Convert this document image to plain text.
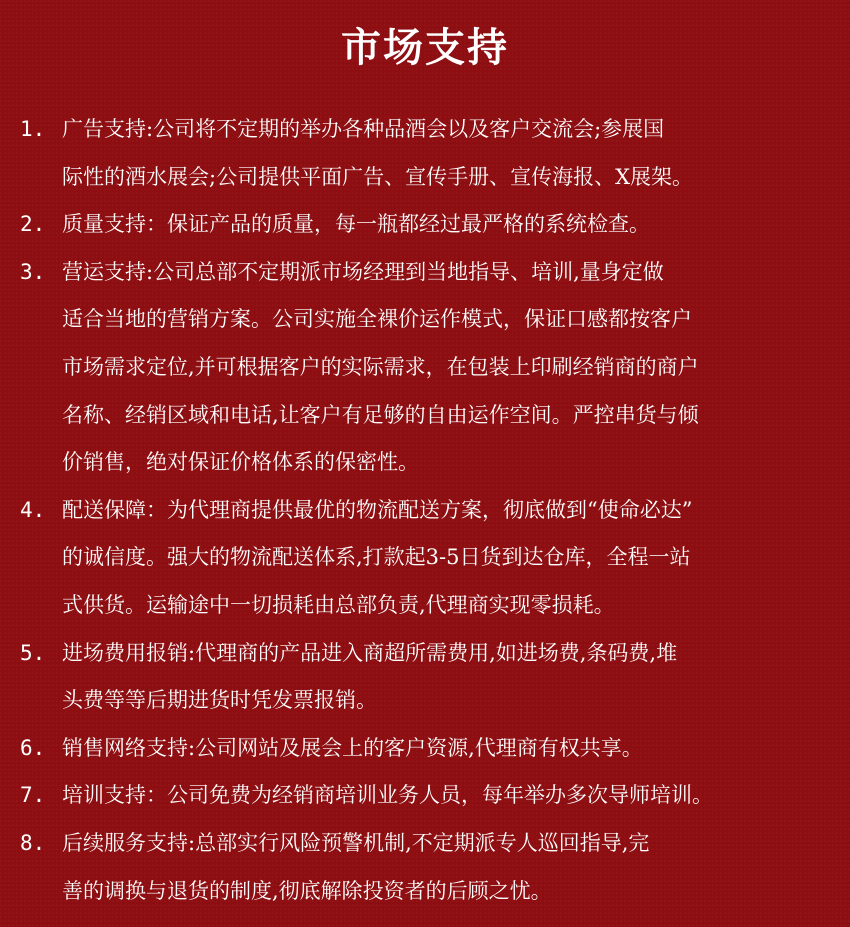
市场支持
1. 广告支持:公司将不定期的举办各种品酒会以及客户交流会;参展国
际性的酒水展会;公司提供平面广告、宣传手册、宣传海报、X展架。
2. 质量支持：保证产品的质量，每一瓶都经过最严格的系统检查。
3. 营运支持:公司总部不定期派市场经理到当地指导、培训,量身定做
适合当地的营销方案。公司实施全裸价运作模式，保证口感都按客户
市场需求定位,并可根据客户的实际需求，在包装上印刷经销商的商户
名称、经销区域和电话,让客户有足够的自由运作空间。严控串货与倾
价销售，绝对保证价格体系的保密性。
4. 配送保障：为代理商提供最优的物流配送方案，彻底做到“使命必达”
的诚信度。强大的物流配送体系,打款起3-5日货到达仓库，全程一站
式供货。运输途中一切损耗由总部负责,代理商实现零损耗。
5. 进场费用报销:代理商的产品进入商超所需费用,如进场费,条码费,堆
头费等等后期进货时凭发票报销。
6. 销售网络支持:公司网站及展会上的客户资源,代理商有权共享。
7. 培训支持：公司免费为经销商培训业务人员，每年举办多次导师培训。
8. 后续服务支持:总部实行风险预警机制,不定期派专人巡回指导,完
善的调换与退货的制度,彻底解除投资者的后顾之忧。
